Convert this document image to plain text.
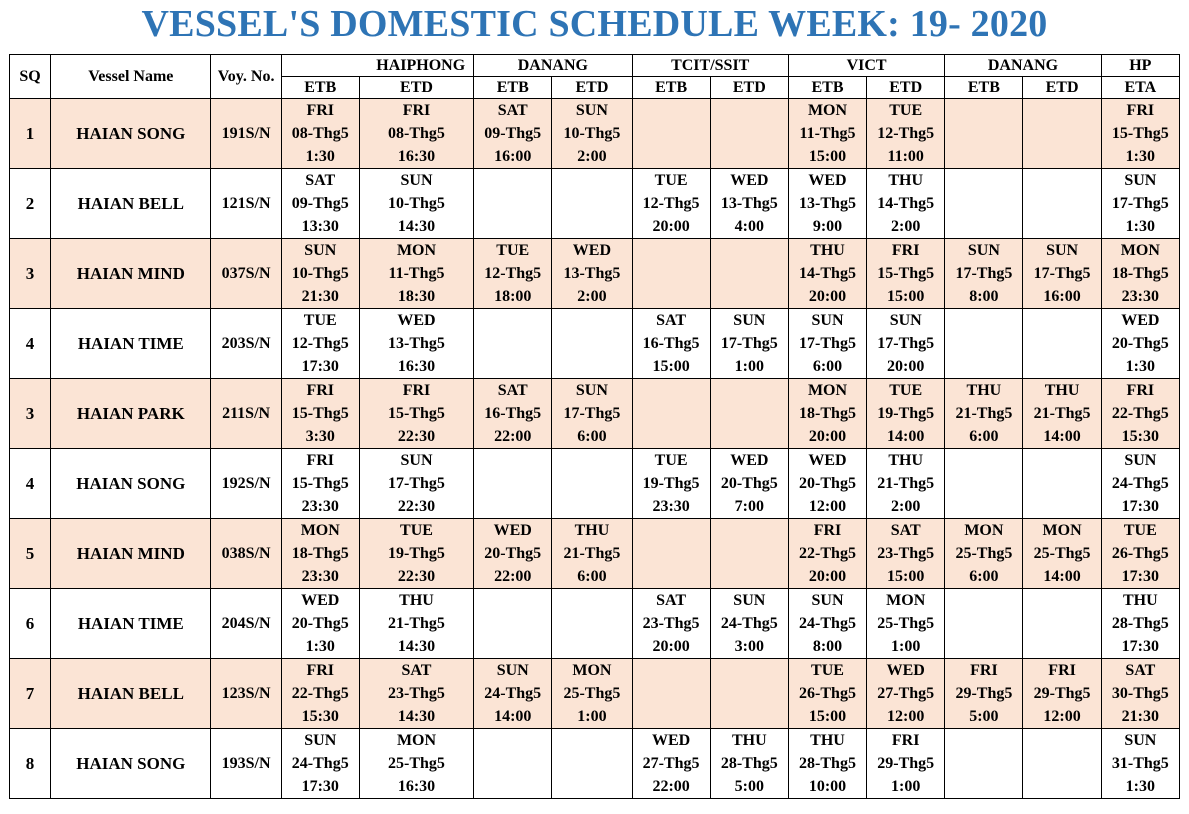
VESSEL'S DOMESTIC SCHEDULE WEEK: 19- 2020
SQ	Vessel Name	Voy. No.	HAIPHONG		DANANG		TCIT/SSIT		VICT		DANANG		HP
			ETB	ETD	ETB	ETD	ETB	ETD	ETB	ETD	ETB	ETD	ETA
1	HAIAN SONG	191S/N	FRI
08-Thg5
1:30	FRI
08-Thg5
16:30	SAT
09-Thg5
16:00	SUN
10-Thg5
2:00			MON
11-Thg5
15:00	TUE
12-Thg5
11:00			FRI
15-Thg5
1:30

2	HAIAN BELL	121S/N	SAT
09-Thg5
13:30	SUN
10-Thg5
14:30			TUE
12-Thg5
20:00	WED
13-Thg5
4:00	WED
13-Thg5
9:00	THU
14-Thg5
2:00			SUN
17-Thg5
1:30

3	HAIAN MIND	037S/N	SUN
10-Thg5
21:30	MON
11-Thg5
18:30	TUE
12-Thg5
18:00	WED
13-Thg5
2:00			THU
14-Thg5
20:00	FRI
15-Thg5
15:00	SUN
17-Thg5
8:00	SUN
17-Thg5
16:00	MON
18-Thg5
23:30

4	HAIAN TIME	203S/N	TUE
12-Thg5
17:30	WED
13-Thg5
16:30			SAT
16-Thg5
15:00	SUN
17-Thg5
1:00	SUN
17-Thg5
6:00	SUN
17-Thg5
20:00			WED
20-Thg5
1:30

3	HAIAN PARK	211S/N	FRI
15-Thg5
3:30	FRI
15-Thg5
22:30	SAT
16-Thg5
22:00	SUN
17-Thg5
6:00			MON
18-Thg5
20:00	TUE
19-Thg5
14:00	THU
21-Thg5
6:00	THU
21-Thg5
14:00	FRI
22-Thg5
15:30

4	HAIAN SONG	192S/N	FRI
15-Thg5
23:30	SUN
17-Thg5
22:30			TUE
19-Thg5
23:30	WED
20-Thg5
7:00	WED
20-Thg5
12:00	THU
21-Thg5
2:00			SUN
24-Thg5
17:30

5	HAIAN MIND	038S/N	MON
18-Thg5
23:30	TUE
19-Thg5
22:30	WED
20-Thg5
22:00	THU
21-Thg5
6:00			FRI
22-Thg5
20:00	SAT
23-Thg5
15:00	MON
25-Thg5
6:00	MON
25-Thg5
14:00	TUE
26-Thg5
17:30

6	HAIAN TIME	204S/N	WED
20-Thg5
1:30	THU
21-Thg5
14:30			SAT
23-Thg5
20:00	SUN
24-Thg5
3:00	SUN
24-Thg5
8:00	MON
25-Thg5
1:00			THU
28-Thg5
17:30

7	HAIAN BELL	123S/N	FRI
22-Thg5
15:30	SAT
23-Thg5
14:30	SUN
24-Thg5
14:00	MON
25-Thg5
1:00			TUE
26-Thg5
15:00	WED
27-Thg5
12:00	FRI
29-Thg5
5:00	FRI
29-Thg5
12:00	SAT
30-Thg5
21:30

8	HAIAN SONG	193S/N	SUN
24-Thg5
17:30	MON
25-Thg5
16:30			WED
27-Thg5
22:00	THU
28-Thg5
5:00	THU
28-Thg5
10:00	FRI
29-Thg5
1:00			SUN
31-Thg5
1:30
